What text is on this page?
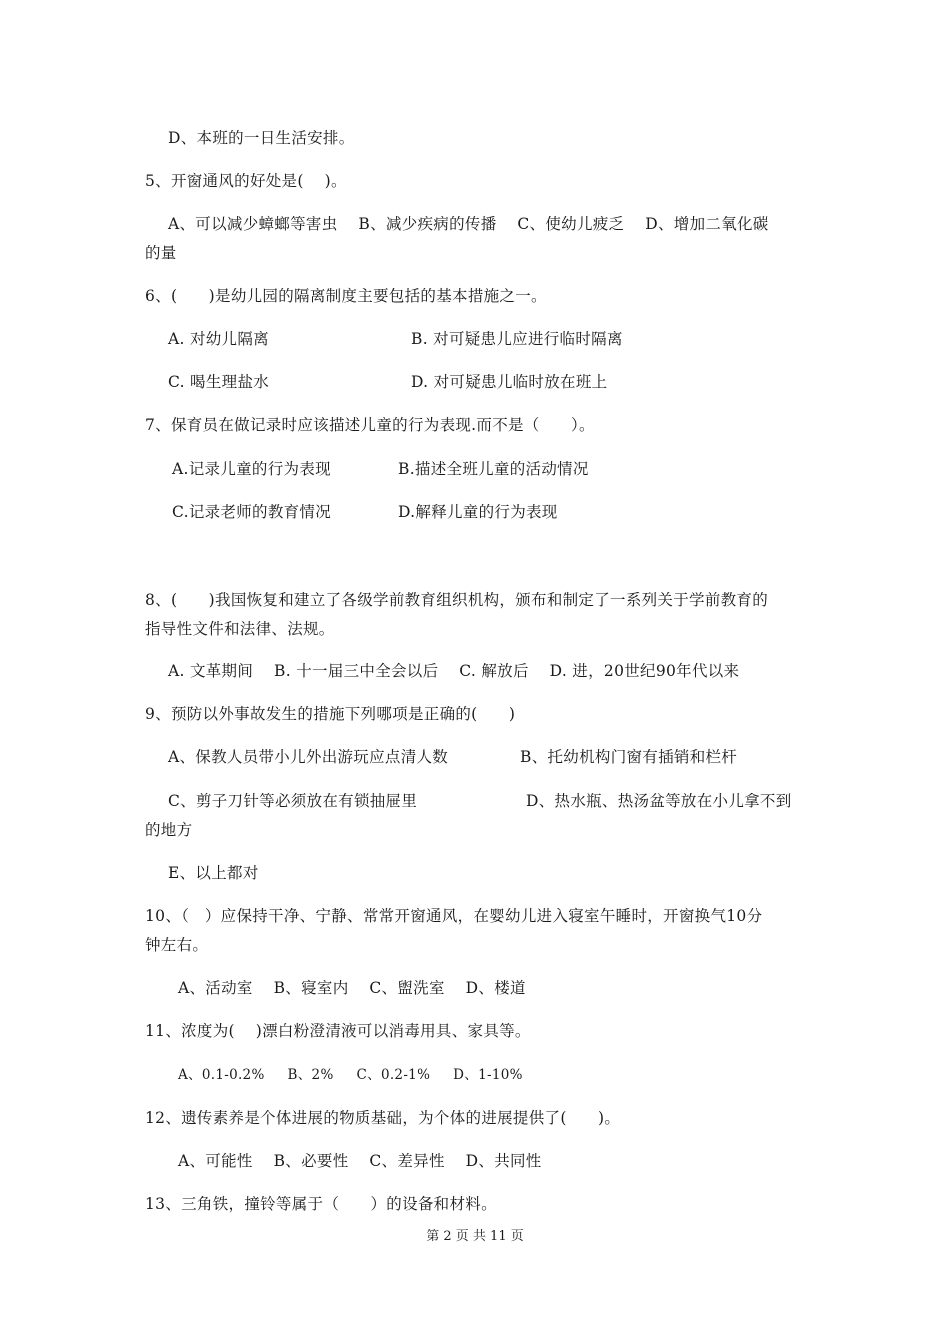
D、本班的一日生活安排。
5、开窗通风的好处是(    )。
A、可以减少蟑螂等害虫    B、减少疾病的传播    C、使幼儿疲乏    D、增加二氧化碳
的量
6、(      )是幼儿园的隔离制度主要包括的基本措施之一。
A. 对幼儿隔离	B. 对可疑患儿应进行临时隔离
C. 喝生理盐水	D. 对可疑患儿临时放在班上
7、保育员在做记录时应该描述儿童的行为表现.而不是（      ）。
A.记录儿童的行为表现	B.描述全班儿童的活动情况
C.记录老师的教育情况	D.解释儿童的行为表现
8、(      )我国恢复和建立了各级学前教育组织机构，颁布和制定了一系列关于学前教育的
指导性文件和法律、法规。
A. 文革期间    B. 十一届三中全会以后    C. 解放后    D. 进，20世纪90年代以来
9、预防以外事故发生的措施下列哪项是正确的(      )
A、保教人员带小儿外出游玩应点清人数	B、托幼机构门窗有插销和栏杆
C、剪子刀针等必须放在有锁抽屉里	D、热水瓶、热汤盆等放在小儿拿不到
的地方
E、以上都对
10、（   ）应保持干净、宁静、常常开窗通风，在婴幼儿进入寝室午睡时，开窗换气10分
钟左右。
A、活动室    B、寝室内    C、盥洗室    D、楼道
11、浓度为(    )漂白粉澄清液可以消毒用具、家具等。
A、0.1-0.2%     B、2%     C、0.2-1%     D、1-10%
12、遗传素养是个体进展的物质基础，为个体的进展提供了(      )。
A、可能性    B、必要性    C、差异性    D、共同性
13、三角铁，撞铃等属于（      ）的设备和材料。
第 2 页 共 11 页
